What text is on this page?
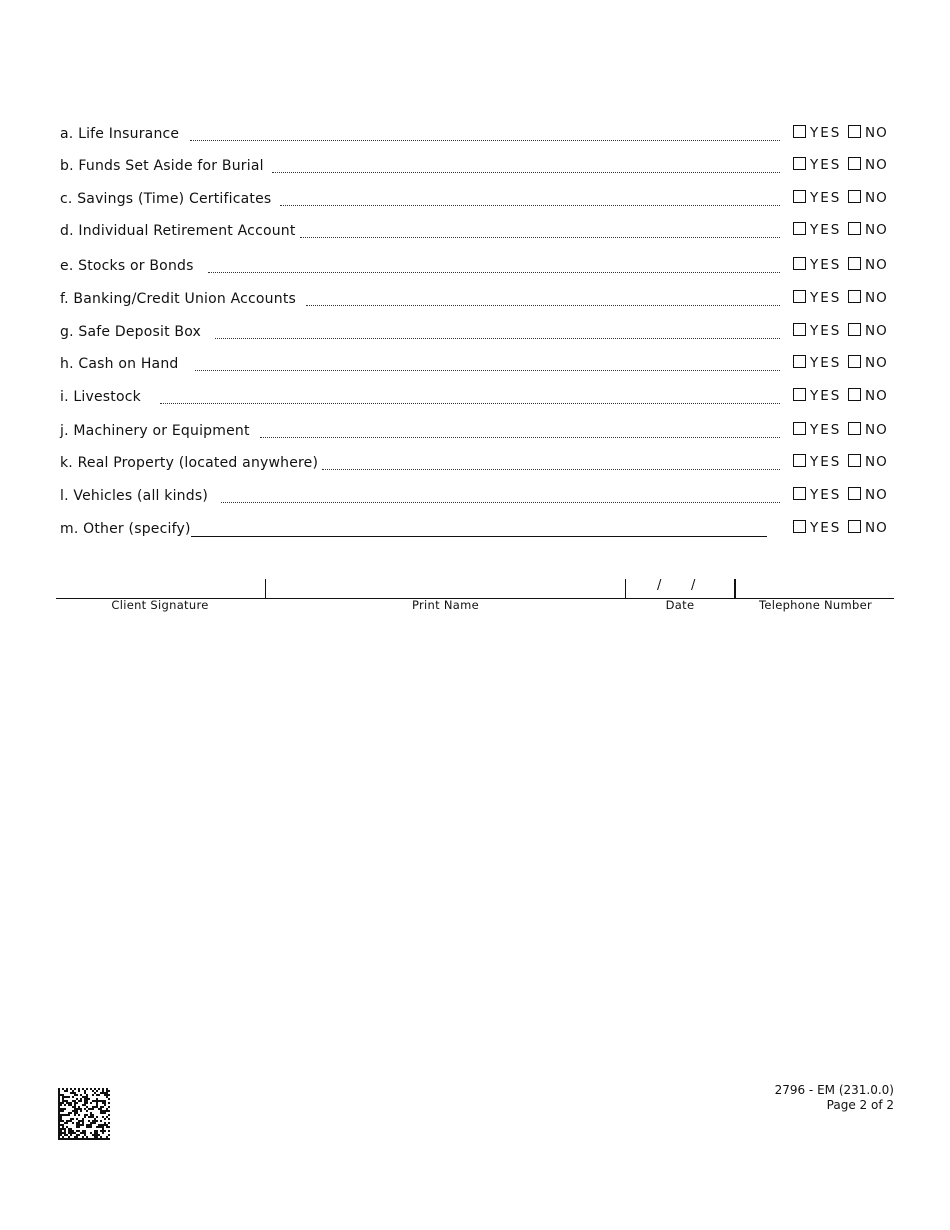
a. Life Insurance	YES NO
b. Funds Set Aside for Burial	YES NO
c. Savings (Time) Certificates	YES NO
d. Individual Retirement Account	YES NO
e. Stocks or Bonds	YES NO
f. Banking/Credit Union Accounts	YES NO
g. Safe Deposit Box	YES NO
h. Cash on Hand	YES NO
i. Livestock	YES NO
j. Machinery or Equipment	YES NO
k. Real Property (located anywhere)	YES NO
l. Vehicles (all kinds)	YES NO
m. Other (specify)	YES NO
/ /
Client Signature	Print Name	Date	Telephone Number
2796 - EM (231.0.0)
Page 2 of 2
